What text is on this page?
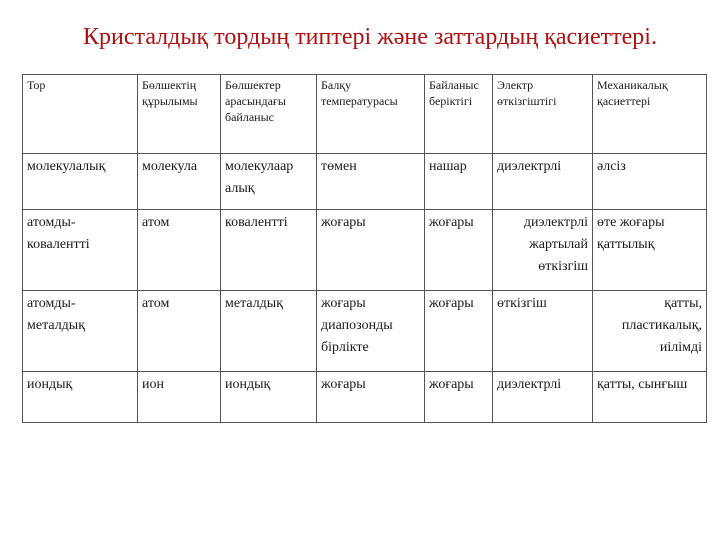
Кристалдық тордың типтері және заттардың қасиеттері.
Тор	Бөлшектің құрылымы	Бөлшектер арасындағы байланыс	Балқу температурасы	Байланыс беріктігі	Электр өткізгіштігі	Механикалық қасиеттері
молекулалық	молекула	молекулаар алық	төмен	нашар	диэлектрлі	әлсіз
атомды-ковалентті	атом	ковалентті	жоғары	жоғары	диэлектрлі жартылай өткізгіш	өте жоғары қаттылық
атомды-металдық	атом	металдық	жоғары диапозонды бірлікте	жоғары	өткізгіш	қатты, пластикалық, иілімді
иондық	ион	иондық	жоғары	жоғары	диэлектрлі	қатты, сынғыш
